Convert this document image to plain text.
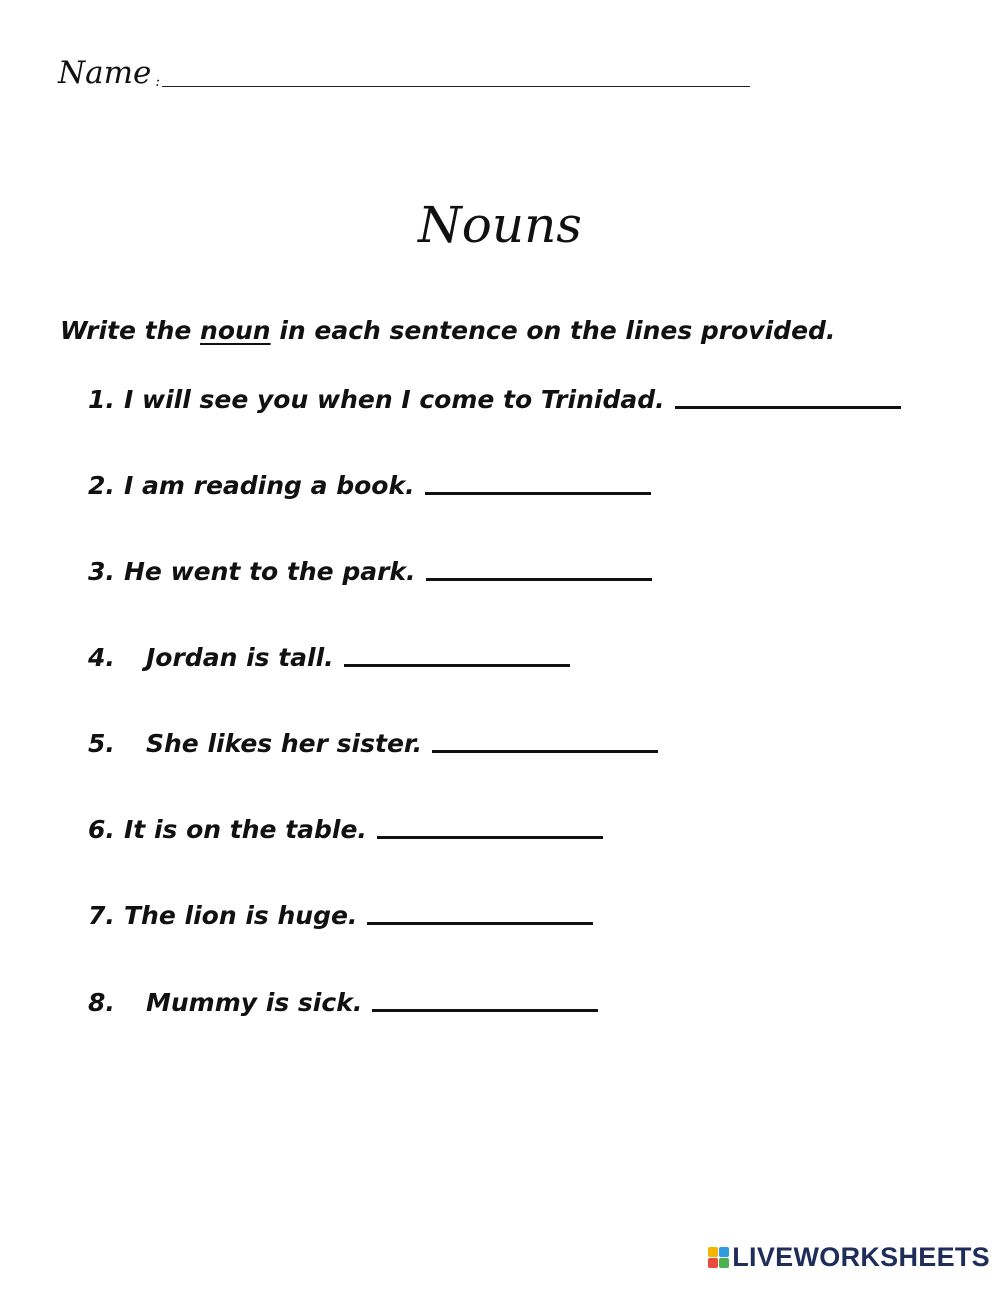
Name :
Nouns
Write the noun in each sentence on the lines provided.
1. I will see you when I come to Trinidad.
2. I am reading a book.
3. He went to the park.
4.	Jordan is tall.
5.	She likes her sister.
6. It is on the table.
7. The lion is huge.
8.	Mummy is sick.
LIVEWORKSHEETS
